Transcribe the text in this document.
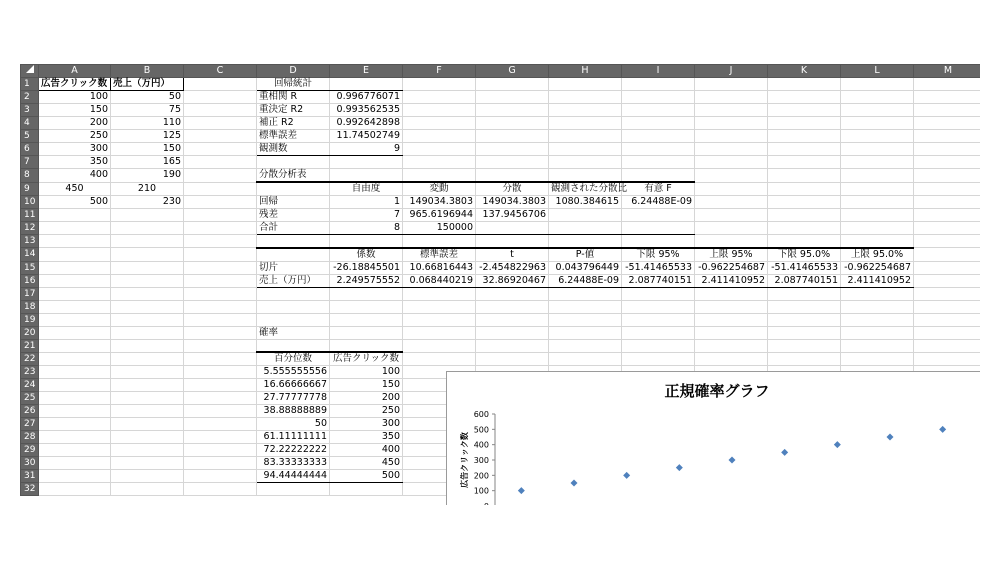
	A	B	C	D	E	F	G	H	I	J	K	L	M
1	広告クリック数	売上（万円）		回帰統計									
2	100	50		重相関 R	0.996776071								
3	150	75		重決定 R2	0.993562535								
4	200	110		補正 R2	0.992642898								
5	250	125		標準誤差	11.74502749								
6	300	150		観測数	9								
7	350	165											
8	400	190		分散分析表									
9	450	210			自由度	変動	分散	観測された分散比	有意 F				
10	500	230		回帰	1	149034.3803	149034.3803	1080.384615	6.24488E-09				
11				残差	7	965.6196944	137.9456706						
12				合計	8	150000							
13													
14					係数	標準誤差	t	P-値	下限 95%	上限 95%	下限 95.0%	上限 95.0%	
15				切片	-26.18845501	10.66816443	-2.454822963	0.043796449	-51.41465533	-0.962254687	-51.41465533	-0.962254687	
16				売上（万円）	2.249575552	0.068440219	32.86920467	6.24488E-09	2.087740151	2.411410952	2.087740151	2.411410952	
17													
18													
19													
20				確率									
21													
22				百分位数	広告クリック数								
23				5.555555556	100								
24				16.66666667	150								
25				27.77777778	200								
26				38.88888889	250								
27				50	300								
28				61.11111111	350								
29				72.22222222	400								
30				83.33333333	450								
31				94.44444444	500								
32													
正規確率グラフ
0
100
200
300
400
500
600
0	10	20	30	40	50	60	70	80	90	100
サンプル百分位数
広告クリック数
